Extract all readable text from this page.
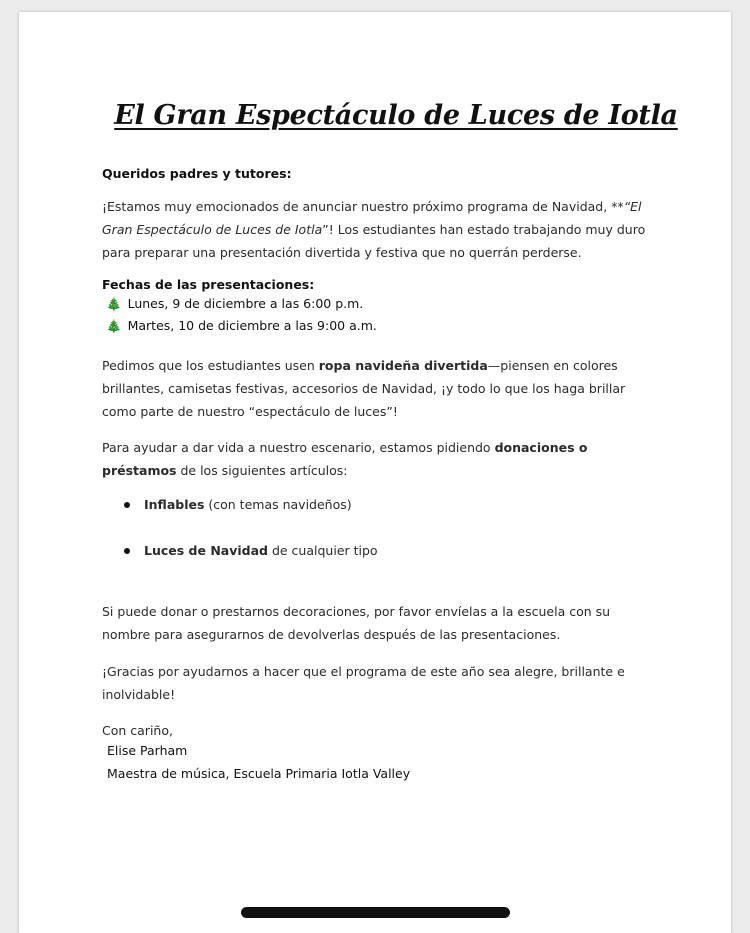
El Gran Espectáculo de Luces de Iotla

Queridos padres y tutores:

¡Estamos muy emocionados de anunciar nuestro próximo programa de Navidad, **“El Gran Espectáculo de Luces de Iotla”! Los estudiantes han estado trabajando muy duro para preparar una presentación divertida y festiva que no querrán perderse.

Fechas de las presentaciones:

🎄 Lunes, 9 de diciembre a las 6:00 p.m.
🎄 Martes, 10 de diciembre a las 9:00 a.m.

Pedimos que los estudiantes usen ropa navideña divertida—piensen en colores brillantes, camisetas festivas, accesorios de Navidad, ¡y todo lo que los haga brillar como parte de nuestro “espectáculo de luces”!

Para ayudar a dar vida a nuestro escenario, estamos pidiendo donaciones o préstamos de los siguientes artículos:

Inflables (con temas navideños)
Luces de Navidad de cualquier tipo

Si puede donar o prestarnos decoraciones, por favor envíelas a la escuela con su nombre para asegurarnos de devolverlas después de las presentaciones.

¡Gracias por ayudarnos a hacer que el programa de este año sea alegre, brillante e inolvidable!

Con cariño,

Elise Parham
Maestra de música, Escuela Primaria Iotla Valley
